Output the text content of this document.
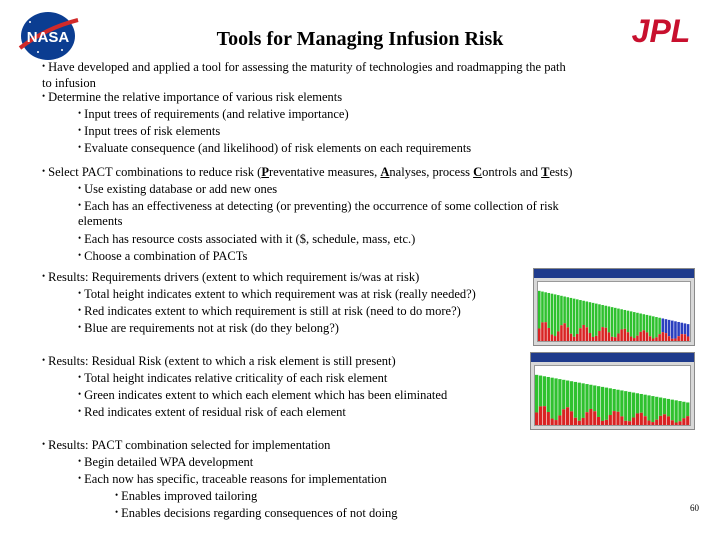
NASA	JPL
Tools for Managing Infusion Risk
• Have developed and applied a tool for assessing the maturity of technologies and roadmapping the path
to infusion
• Determine the relative importance of various risk elements
• Input trees of requirements (and relative importance)
• Input trees of risk elements
• Evaluate consequence (and likelihood) of risk elements on each requirements
• Select PACT combinations to reduce risk (Preventative measures, Analyses, process Controls and Tests)
• Use existing database or add new ones
• Each has an effectiveness at detecting (or preventing) the occurrence of some collection of risk
elements
• Each has resource costs associated with it ($, schedule, mass, etc.)
• Choose a combination of PACTs
• Results: Requirements drivers (extent to which requirement is/was at risk)
• Total height indicates extent to which requirement was at risk (really needed?)
• Red indicates extent to which requirement is still at risk (need to do more?)
• Blue are requirements not at risk (do they belong?)
• Results: Residual Risk (extent to which a risk element is still present)
• Total height indicates relative criticality of each risk element
• Green indicates extent to which each element which has been eliminated
• Red indicates extent of residual risk of each element
• Results: PACT combination selected for implementation
• Begin detailed WPA development
• Each now has specific, traceable reasons for implementation
• Enables improved tailoring
• Enables decisions regarding consequences of not doing	60
